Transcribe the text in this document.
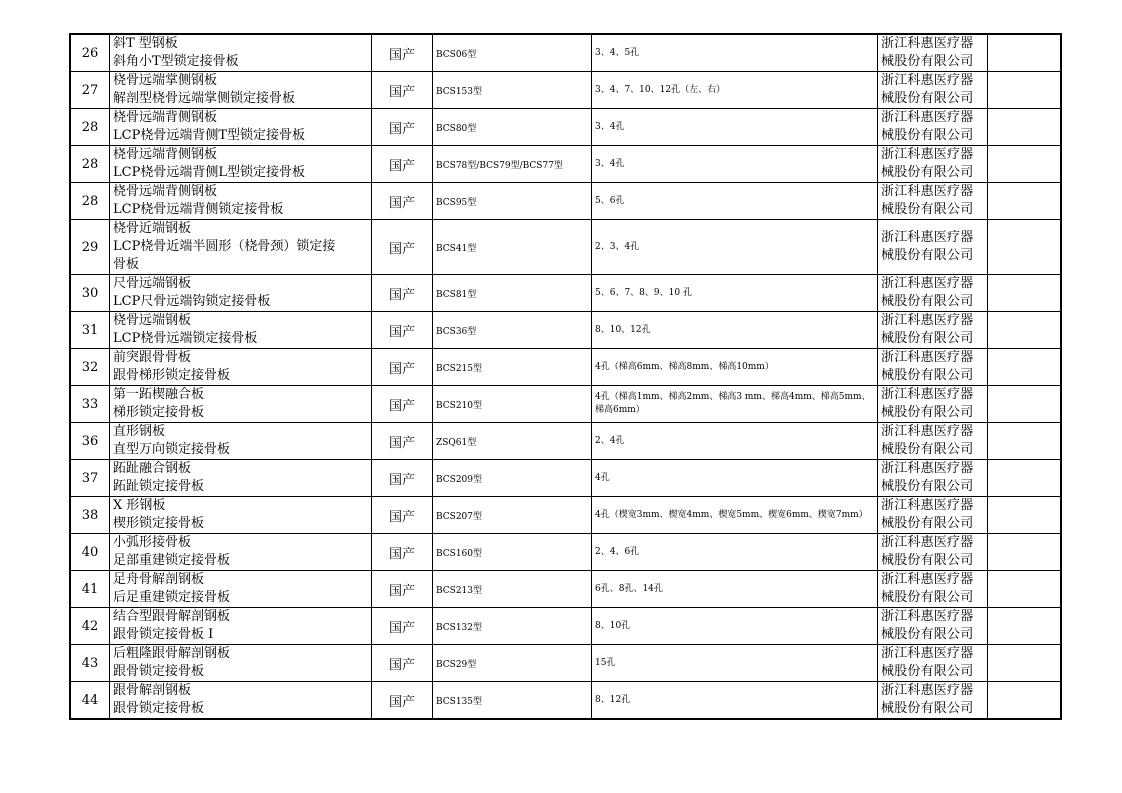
26	斜T 型钢板
斜角小T型锁定接骨板	国产	BCS06型	3、4、5孔	浙江科惠医疗器
械股份有限公司	

27	桡骨远端掌侧钢板
解剖型桡骨远端掌侧锁定接骨板	国产	BCS153型	3、4、7、10、12孔（左、右）	浙江科惠医疗器
械股份有限公司	

28	桡骨远端背侧钢板
LCP桡骨远端背侧T型锁定接骨板	国产	BCS80型	3、4孔	浙江科惠医疗器
械股份有限公司	

28	桡骨远端背侧钢板
LCP桡骨远端背侧L型锁定接骨板	国产	BCS78型/BCS79型/BCS77型	3、4孔	浙江科惠医疗器
械股份有限公司	

28	桡骨远端背侧钢板
LCP桡骨远端背侧锁定接骨板	国产	BCS95型	5、6孔	浙江科惠医疗器
械股份有限公司	

29	桡骨近端钢板
LCP桡骨近端半圆形（桡骨颈）锁定接
骨板	国产	BCS41型	2、3、4孔	浙江科惠医疗器
械股份有限公司	

30	尺骨远端钢板
LCP尺骨远端钩锁定接骨板	国产	BCS81型	5、6、7、8、9、10 孔	浙江科惠医疗器
械股份有限公司	

31	桡骨远端钢板
LCP桡骨远端锁定接骨板	国产	BCS36型	8、10、12孔	浙江科惠医疗器
械股份有限公司	

32	前突跟骨骨板
跟骨梯形锁定接骨板	国产	BCS215型	4孔（梯高6mm、梯高8mm、梯高10mm）	浙江科惠医疗器
械股份有限公司	

33	第一跖楔融合板
梯形锁定接骨板	国产	BCS210型	4孔（梯高1mm、梯高2mm、梯高3 mm、梯高4mm、梯高5mm、梯高6mm）	浙江科惠医疗器
械股份有限公司	

36	直形钢板
直型万向锁定接骨板	国产	ZSQ61型	2、4孔	浙江科惠医疗器
械股份有限公司	

37	跖趾融合钢板
跖趾锁定接骨板	国产	BCS209型	4孔	浙江科惠医疗器
械股份有限公司	

38	X 形钢板
楔形锁定接骨板	国产	BCS207型	4孔（楔宽3mm、楔宽4mm、楔宽5mm、楔宽6mm、楔宽7mm）	浙江科惠医疗器
械股份有限公司	

40	小弧形接骨板
足部重建锁定接骨板	国产	BCS160型	2、4、6孔	浙江科惠医疗器
械股份有限公司	

41	足舟骨解剖钢板
后足重建锁定接骨板	国产	BCS213型	6孔、8孔、14孔	浙江科惠医疗器
械股份有限公司	

42	结合型跟骨解剖钢板
跟骨锁定接骨板 I	国产	BCS132型	8、10孔	浙江科惠医疗器
械股份有限公司	

43	后粗隆跟骨解剖钢板
跟骨锁定接骨板	国产	BCS29型	15孔	浙江科惠医疗器
械股份有限公司	

44	跟骨解剖钢板
跟骨锁定接骨板	国产	BCS135型	8、12孔	浙江科惠医疗器
械股份有限公司	
